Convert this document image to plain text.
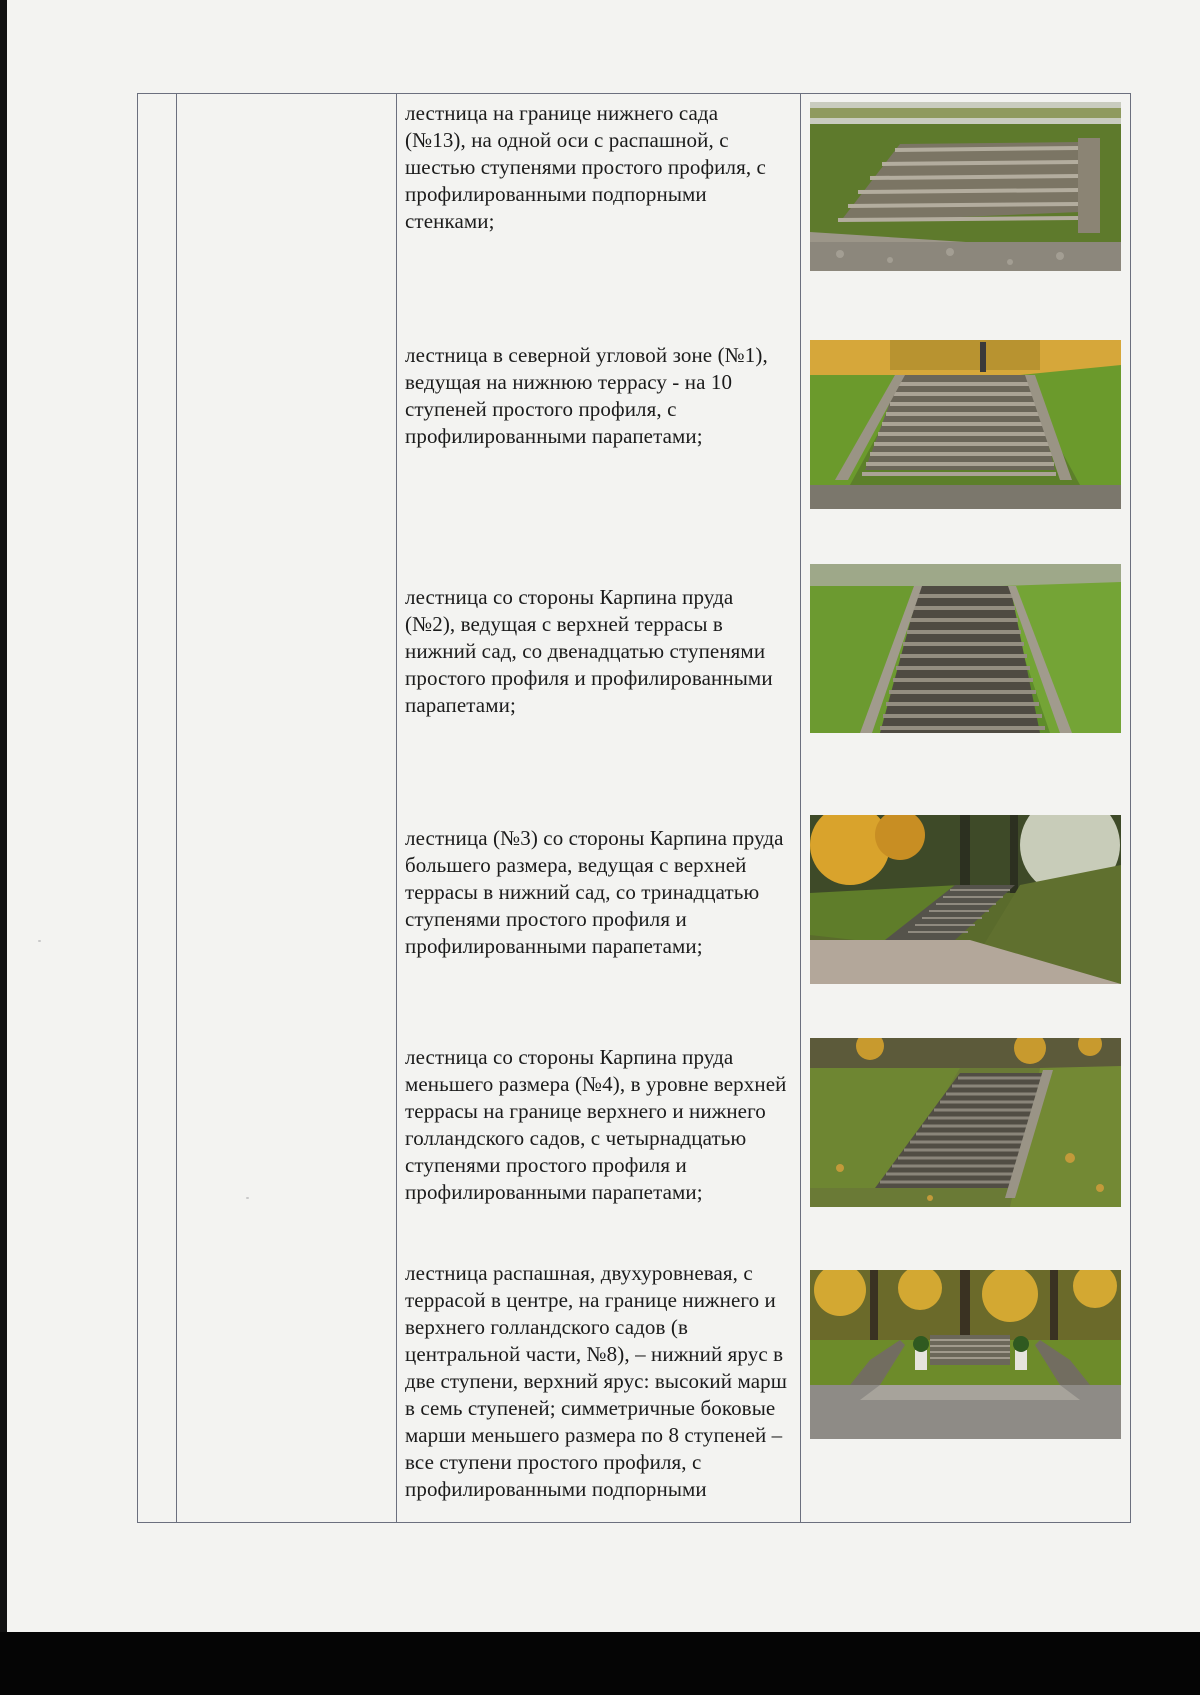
лестница на границе нижнего сада (№13), на одной оси с распашной, с шестью ступенями простого профиля, с профилированными подпорными стенками;
лестница в северной угловой зоне (№1), ведущая на нижнюю террасу - на 10 ступеней простого профиля, с профилированными парапетами;
лестница со стороны Карпина пруда (№2), ведущая с верхней террасы в нижний сад, со двенадцатью ступенями простого профиля и профилированными парапетами;
лестница (№3) со стороны Карпина пруда большего размера, ведущая с верхней террасы в нижний сад, со тринадцатью ступенями простого профиля и профилированными парапетами;
лестница со стороны Карпина пруда меньшего размера (№4), в уровне верхней террасы на границе верхнего и нижнего голландского садов, с четырнадцатью ступенями простого профиля и профилированными парапетами;
лестница распашная, двухуровневая, с террасой в центре, на границе нижнего и верхнего голландского садов (в центральной части, №8), – нижний ярус в две ступени, верхний ярус: высокий марш в семь ступеней; симметричные боковые марши меньшего размера по 8 ступеней – все ступени простого профиля, с профилированными подпорными
